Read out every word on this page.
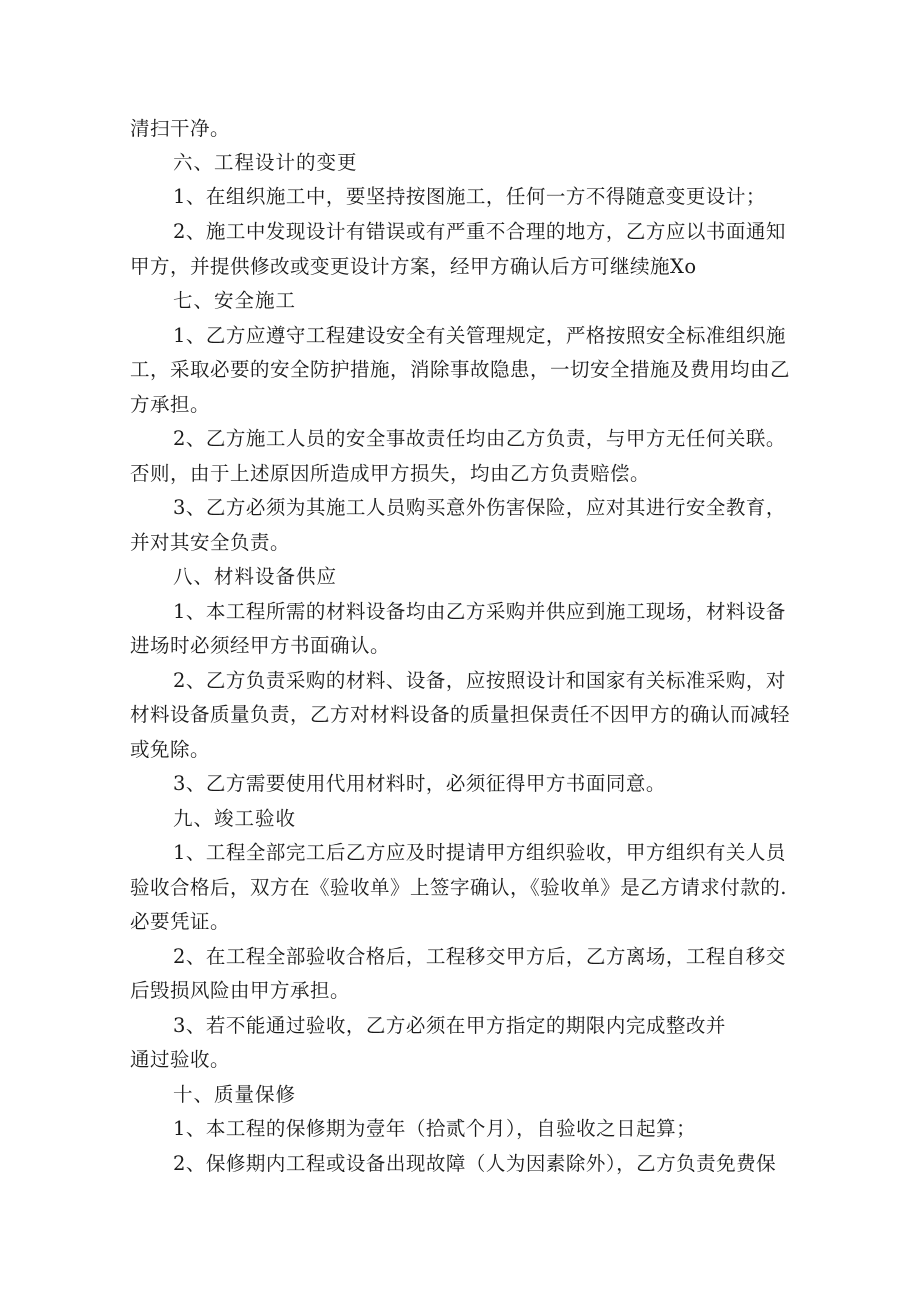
清扫干净。
六、工程设计的变更
1、在组织施工中，要坚持按图施工，任何一方不得随意变更设计；
2、施工中发现设计有错误或有严重不合理的地方，乙方应以书面通知
甲方，并提供修改或变更设计方案，经甲方确认后方可继续施Xo
七、安全施工
1、乙方应遵守工程建设安全有关管理规定，严格按照安全标准组织施
工，采取必要的安全防护措施，消除事故隐患，一切安全措施及费用均由乙
方承担。
2、乙方施工人员的安全事故责任均由乙方负责，与甲方无任何关联。
否则，由于上述原因所造成甲方损失，均由乙方负责赔偿。
3、乙方必须为其施工人员购买意外伤害保险，应对其进行安全教育，
并对其安全负责。
八、材料设备供应
1、本工程所需的材料设备均由乙方采购并供应到施工现场，材料设备
进场时必须经甲方书面确认。
2、乙方负责采购的材料、设备，应按照设计和国家有关标准采购，对
材料设备质量负责，乙方对材料设备的质量担保责任不因甲方的确认而减轻
或免除。
3、乙方需要使用代用材料时，必须征得甲方书面同意。
九、竣工验收
1、工程全部完工后乙方应及时提请甲方组织验收，甲方组织有关人员
验收合格后，双方在《验收单》上签字确认，《验收单》是乙方请求付款的.
必要凭证。
2、在工程全部验收合格后，工程移交甲方后，乙方离场，工程自移交
后毁损风险由甲方承担。
3、若不能通过验收，乙方必须在甲方指定的期限内完成整改并
通过验收。
十、质量保修
1、本工程的保修期为壹年（拾贰个月），自验收之日起算；
2、保修期内工程或设备出现故障（人为因素除外），乙方负责免费保
